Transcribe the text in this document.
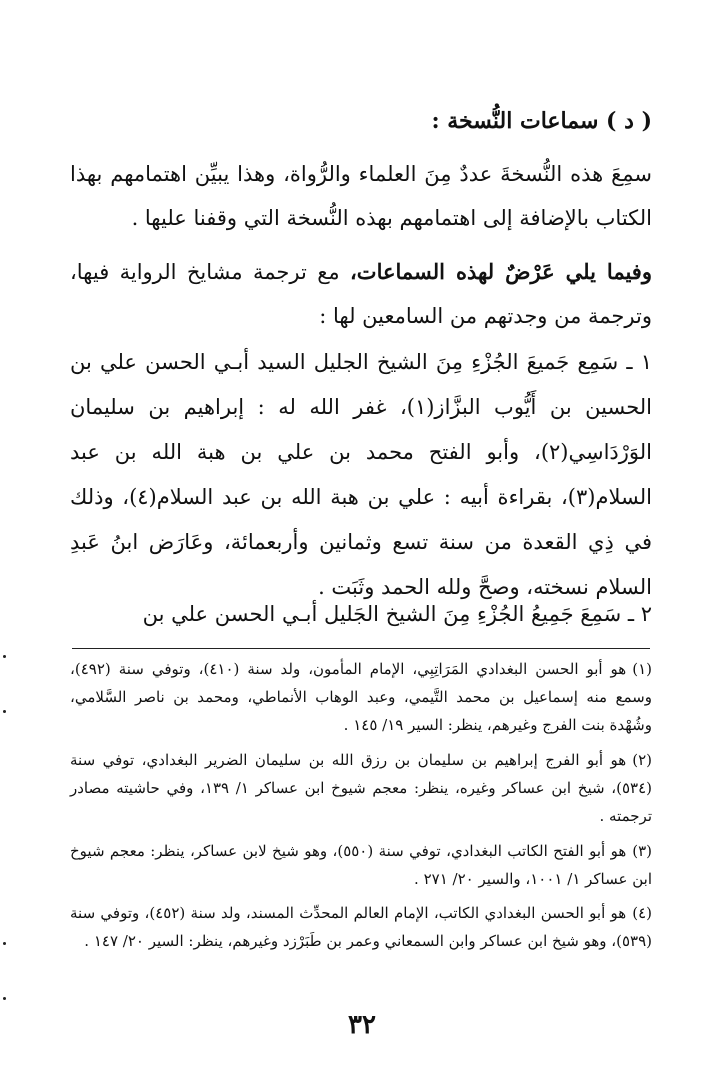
( د ) سماعات النُّسخة :
سمِعَ هذه النُّسخةَ عددٌ مِنَ العلماء والرُّواة، وهذا يبيِّن اهتمامهم بهذا الكتاب بالإضافة إلى اهتمامهم بهذه النُّسخة التي وقفنا عليها .
وفيما يلي عَرْضٌ لهذه السماعات، مع ترجمة مشايخ الرواية فيها، وترجمة من وجدتهم من السامعين لها :
١ ـ سَمِع جَميعَ الجُزْءِ مِنَ الشيخ الجليل السيد أبـي الحسن علي بن الحسين بن أَيُّوب البزَّاز(١)، غفر الله له : إبراهيم بن سليمان الوَرْدَاسِي(٢)، وأبو الفتح محمد بن علي بن هبة الله بن عبد السلام(٣)، بقراءة أبيه : علي بن هبة الله بن عبد السلام(٤)، وذلك في ذِي القعدة من سنة تسع وثمانين وأربعمائة، وعَارَض ابنُ عَبدِ السلام نسخته، وصحَّ ولله الحمد وثَبَت .
٢ ـ سَمِعَ جَمِيعُ الجُزْءِ مِنَ الشيخ الجَليل أبـي الحسن علي بن
(١)هو أبو الحسن البغدادي المَرَاتِبِي، الإمام المأمون، ولد سنة (٤١٠)، وتوفي سنة (٤٩٢)، وسمع منه إسماعيل بن محمد التَّيمي، وعبد الوهاب الأنماطي، ومحمد بن ناصر السَّلامي، وشُهْدة بنت الفرج وغيرهم، ينظر: السير ١٩/ ١٤٥ .
(٢)هو أبو الفرج إبراهيم بن سليمان بن رزق الله بن سليمان الضرير البغدادي، توفي سنة (٥٣٤)، شيخ ابن عساكر وغيره، ينظر: معجم شيوخ ابن عساكر ١/ ١٣٩، وفي حاشيته مصادر ترجمته .
(٣)هو أبو الفتح الكاتب البغدادي، توفي سنة (٥٥٠)، وهو شيخ لابن عساكر، ينظر: معجم شيوخ ابن عساكر ١/ ١٠٠١، والسير ٢٠/ ٢٧١ .
(٤)هو أبو الحسن البغدادي الكاتب، الإمام العالم المحدِّث المسند، ولد سنة (٤٥٢)، وتوفي سنة (٥٣٩)، وهو شيخ ابن عساكر وابن السمعاني وعمر بن طَبَرْزد وغيرهم، ينظر: السير ٢٠/ ١٤٧ .
٣٢
